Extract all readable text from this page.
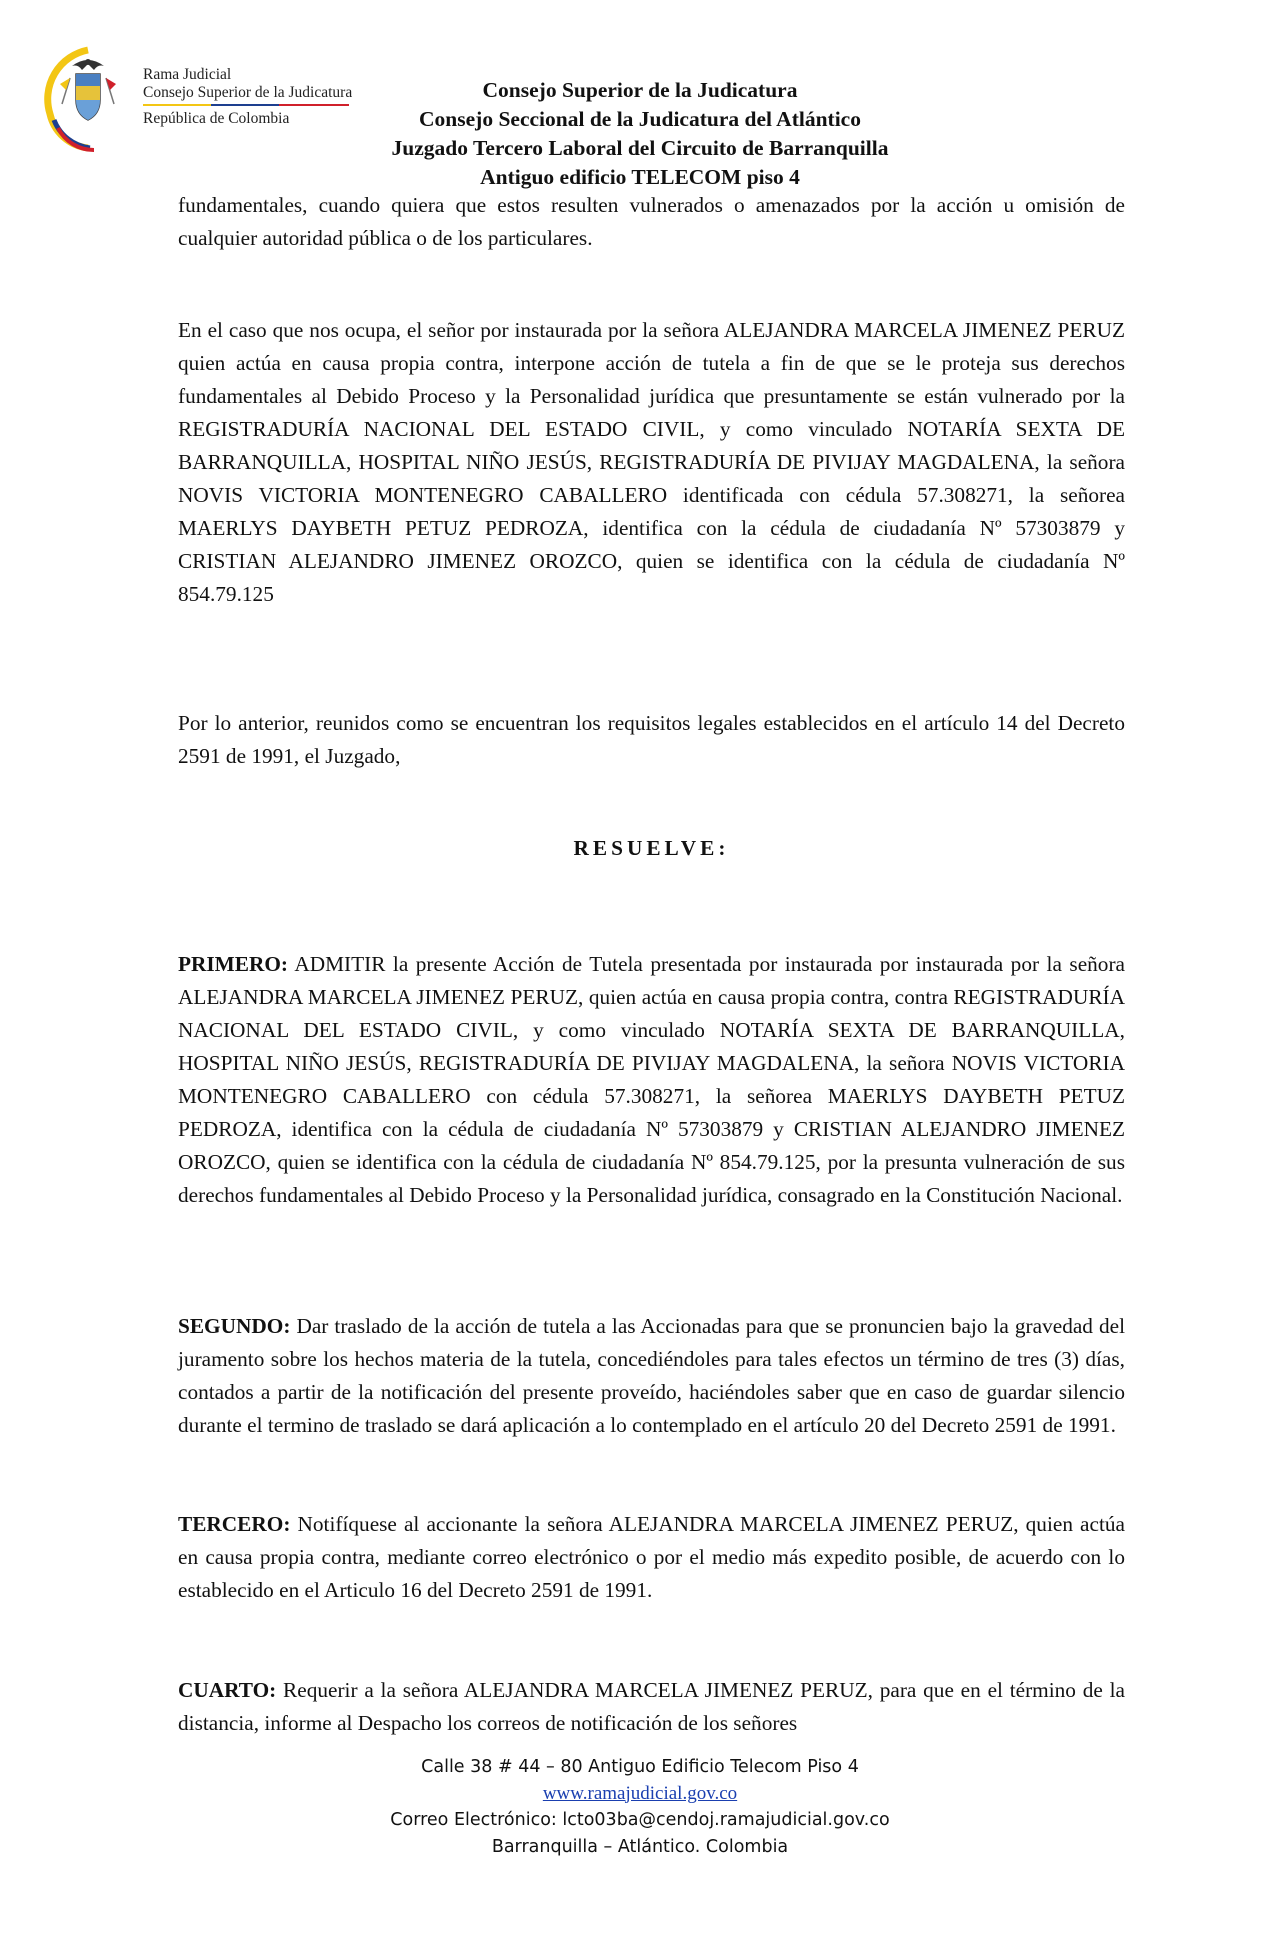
Rama Judicial
Consejo Superior de la Judicatura
República de Colombia
Consejo Superior de la Judicatura
Consejo Seccional de la Judicatura del Atlántico
Juzgado Tercero Laboral del Circuito de Barranquilla
Antiguo edificio TELECOM piso 4

fundamentales, cuando quiera que estos resulten vulnerados o amenazados por la acción u omisión de cualquier autoridad pública o de los particulares.

En el caso que nos ocupa, el señor por instaurada por la señora ALEJANDRA MARCELA JIMENEZ PERUZ quien actúa en causa propia contra, interpone acción de tutela a fin de que se le proteja sus derechos fundamentales al Debido Proceso y la Personalidad jurídica que presuntamente se están vulnerado por la REGISTRADURÍA NACIONAL DEL ESTADO CIVIL, y como vinculado NOTARÍA SEXTA DE BARRANQUILLA, HOSPITAL NIÑO JESÚS, REGISTRADURÍA DE PIVIJAY MAGDALENA, la señora NOVIS VICTORIA MONTENEGRO CABALLERO identificada con cédula 57.308271, la señorea MAERLYS DAYBETH PETUZ PEDROZA, identifica con la cédula de ciudadanía Nº 57303879 y CRISTIAN ALEJANDRO JIMENEZ OROZCO, quien se identifica con la cédula de ciudadanía Nº 854.79.125

Por lo anterior, reunidos como se encuentran los requisitos legales establecidos en el artículo 14 del Decreto 2591 de 1991, el Juzgado,

RESUELVE:

PRIMERO: ADMITIR la presente Acción de Tutela presentada por instaurada por instaurada por la señora ALEJANDRA MARCELA JIMENEZ PERUZ, quien actúa en causa propia contra, contra REGISTRADURÍA NACIONAL DEL ESTADO CIVIL, y como vinculado NOTARÍA SEXTA DE BARRANQUILLA, HOSPITAL NIÑO JESÚS, REGISTRADURÍA DE PIVIJAY MAGDALENA, la señora NOVIS VICTORIA MONTENEGRO CABALLERO con cédula 57.308271, la señorea MAERLYS DAYBETH PETUZ PEDROZA, identifica con la cédula de ciudadanía Nº 57303879 y CRISTIAN ALEJANDRO JIMENEZ OROZCO, quien se identifica con la cédula de ciudadanía Nº 854.79.125, por la presunta vulneración de sus derechos fundamentales al Debido Proceso y la Personalidad jurídica, consagrado en la Constitución Nacional.

SEGUNDO: Dar traslado de la acción de tutela a las Accionadas para que se pronuncien bajo la gravedad del juramento sobre los hechos materia de la tutela, concediéndoles para tales efectos un término de tres (3) días, contados a partir de la notificación del presente proveído, haciéndoles saber que en caso de guardar silencio durante el termino de traslado se dará aplicación a lo contemplado en el artículo 20 del Decreto 2591 de 1991.

TERCERO: Notifíquese al accionante la señora ALEJANDRA MARCELA JIMENEZ PERUZ, quien actúa en causa propia contra, mediante correo electrónico o por el medio más expedito posible, de acuerdo con lo establecido en el Articulo 16 del Decreto 2591 de 1991.

CUARTO: Requerir a la señora ALEJANDRA MARCELA JIMENEZ PERUZ, para que en el término de la distancia, informe al Despacho los correos de notificación de los señores

Calle 38 # 44 – 80 Antiguo Edificio Telecom Piso 4
www.ramajudicial.gov.co
Correo Electrónico: lcto03ba@cendoj.ramajudicial.gov.co
Barranquilla – Atlántico. Colombia
